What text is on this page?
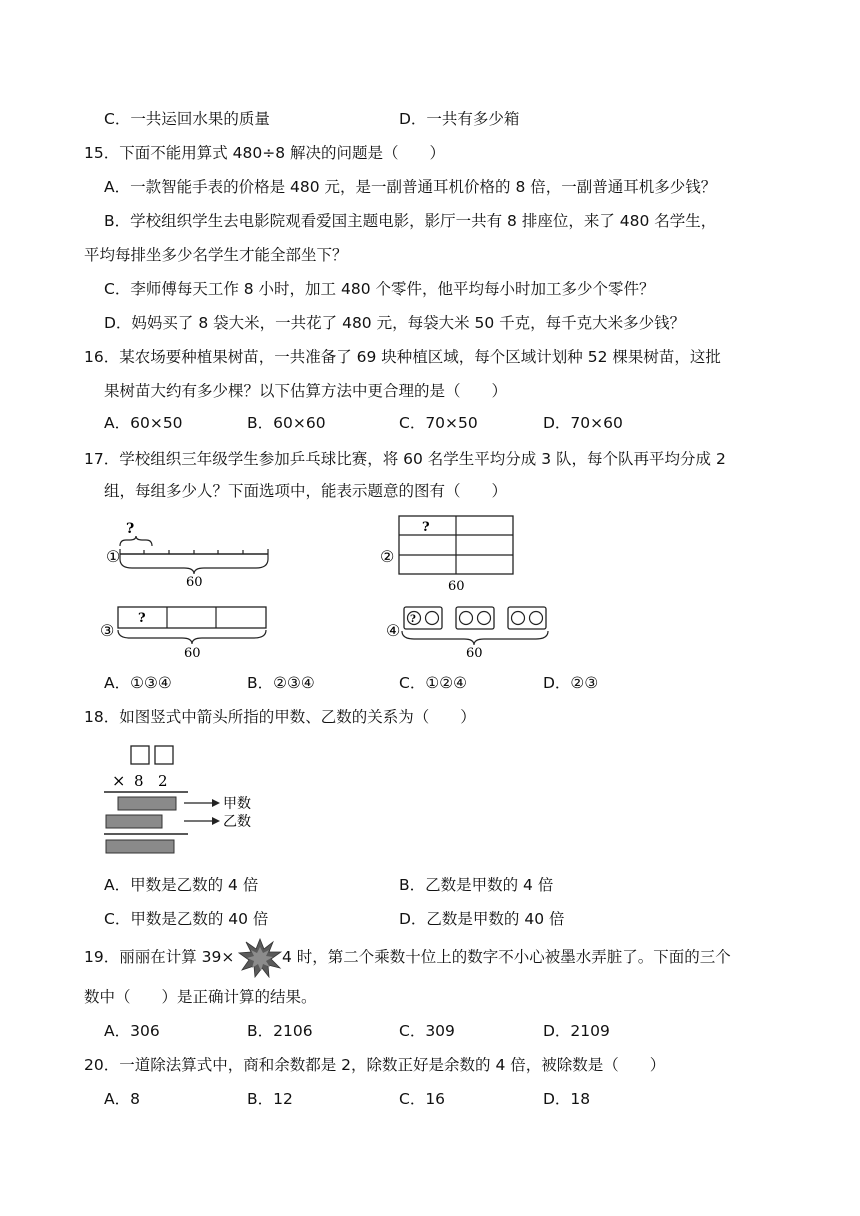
C．一共运回水果的质量	D．一共有多少箱
15．下面不能用算式 480÷8 解决的问题是（　　）
A．一款智能手表的价格是 480 元，是一副普通耳机价格的 8 倍，一副普通耳机多少钱？
B．学校组织学生去电影院观看爱国主题电影，影厅一共有 8 排座位，来了 480 名学生，
平均每排坐多少名学生才能全部坐下？
C．李师傅每天工作 8 小时，加工 480 个零件，他平均每小时加工多少个零件？
D．妈妈买了 8 袋大米，一共花了 480 元，每袋大米 50 千克，每千克大米多少钱？
16．某农场要种植果树苗，一共准备了 69 块种植区域，每个区域计划种 52 棵果树苗，这批
果树苗大约有多少棵？以下估算方法中更合理的是（　　）
A．60×50	B．60×60	C．70×50	D．70×60
17．学校组织三年级学生参加乒乓球比赛，将 60 名学生平均分成 3 队，每个队再平均分成 2
组，每组多少人？下面选项中，能表示题意的图有（　　）
①
?
60
②
?
60
③
?
60
④
?
60
A．①③④	B．②③④	C．①②④	D．②③
18．如图竖式中箭头所指的甲数、乙数的关系为（　　）
× 8 2
甲数
乙数
A．甲数是乙数的 4 倍	B．乙数是甲数的 4 倍
C．甲数是乙数的 40 倍	D．乙数是甲数的 40 倍
19．丽丽在计算 39×	4 时，第二个乘数十位上的数字不小心被墨水弄脏了。下面的三个
数中（　　）是正确计算的结果。
A．306	B．2106	C．309	D．2109
20．一道除法算式中，商和余数都是 2，除数正好是余数的 4 倍，被除数是（　　）
A．8	B．12	C．16	D．18
